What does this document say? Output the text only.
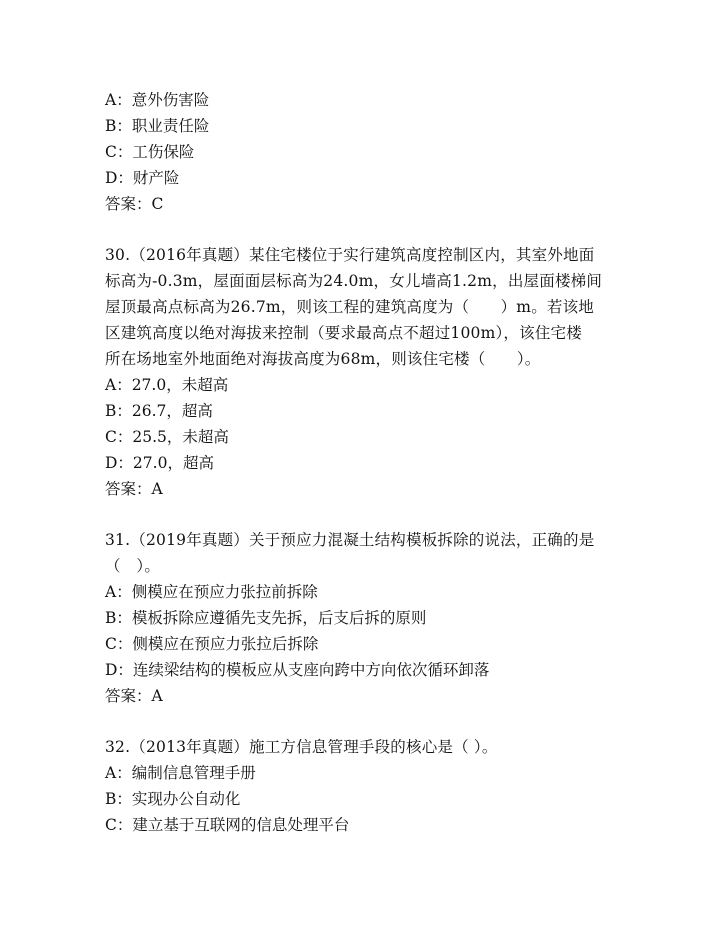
A：意外伤害险
B：职业责任险
C：工伤保险
D：财产险
答案：C
30.（2016年真题）某住宅楼位于实行建筑高度控制区内，其室外地面
标高为-0.3m，屋面面层标高为24.0m，女儿墙高1.2m，出屋面楼梯间
屋顶最高点标高为26.7m，则该工程的建筑高度为（　　）m。若该地
区建筑高度以绝对海拔来控制（要求最高点不超过100m），该住宅楼
所在场地室外地面绝对海拔高度为68m，则该住宅楼（　　）。
A：27.0，未超高
B：26.7，超高
C：25.5，未超高
D：27.0，超高
答案：A
31.（2019年真题）关于预应力混凝土结构模板拆除的说法，正确的是
（　）。
A：侧模应在预应力张拉前拆除
B：模板拆除应遵循先支先拆，后支后拆的原则
C：侧模应在预应力张拉后拆除
D：连续梁结构的模板应从支座向跨中方向依次循环卸落
答案：A
32.（2013年真题）施工方信息管理手段的核心是（ ）。
A：编制信息管理手册
B：实现办公自动化
C：建立基于互联网的信息处理平台
